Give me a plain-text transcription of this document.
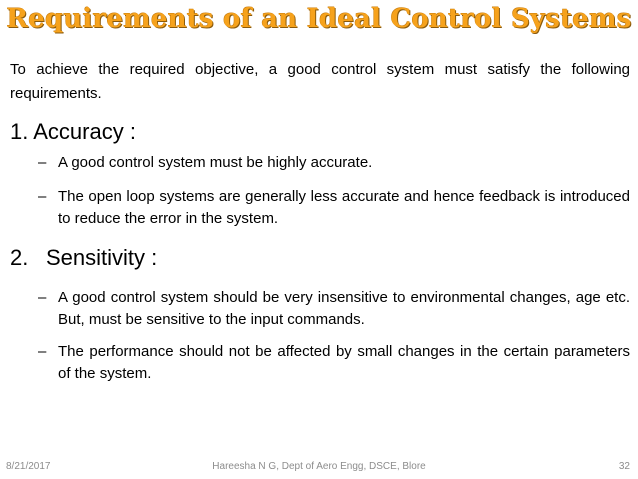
Requirements of an Ideal Control Systems
To achieve the required objective, a good control system must satisfy the following requirements.
1. Accuracy :
– A good control system must be highly accurate.
– The open loop systems are generally less accurate and hence feedback is introduced to reduce the error in the system.
2. Sensitivity :
– A good control system should be very insensitive to environmental changes, age etc. But, must be sensitive to the input commands.
– The performance should not be affected by small changes in the certain parameters of the system.
8/21/2017	Hareesha N G, Dept of Aero Engg, DSCE, Blore	32
